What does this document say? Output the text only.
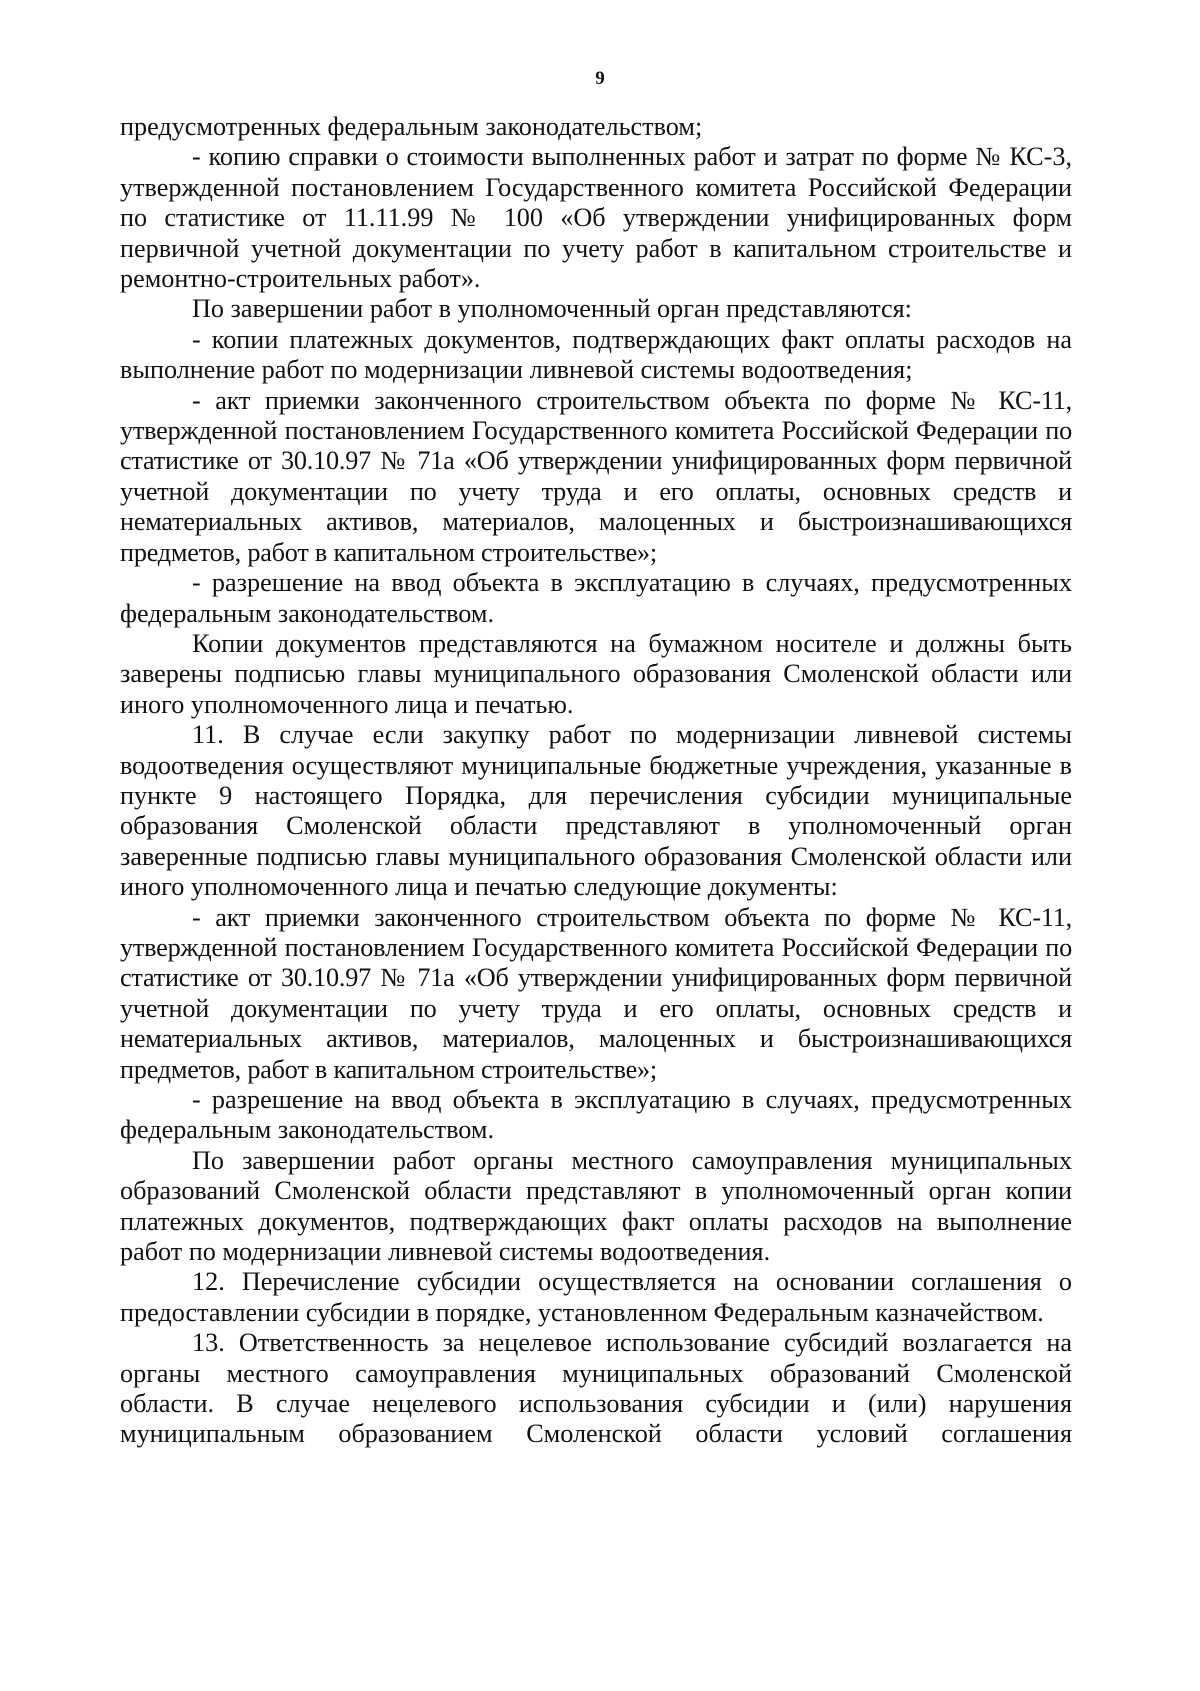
9

предусмотренных федеральным законодательством;

- копию справки о стоимости выполненных работ и затрат по форме № КС-3, утвержденной постановлением Государственного комитета Российской Федерации по статистике от 11.11.99 № 100 «Об утверждении унифицированных форм первичной учетной документации по учету работ в капитальном строительстве и ремонтно-строительных работ».

По завершении работ в уполномоченный орган представляются:

- копии платежных документов, подтверждающих факт оплаты расходов на выполнение работ по модернизации ливневой системы водоотведения;

- акт приемки законченного строительством объекта по форме № КС-11, утвержденной постановлением Государственного комитета Российской Федерации по статистике от 30.10.97 № 71а «Об утверждении унифицированных форм первичной учетной документации по учету труда и его оплаты, основных средств и нематериальных активов, материалов, малоценных и быстроизнашивающихся предметов, работ в капитальном строительстве»;

- разрешение на ввод объекта в эксплуатацию в случаях, предусмотренных федеральным законодательством.

Копии документов представляются на бумажном носителе и должны быть заверены подписью главы муниципального образования Смоленской области или иного уполномоченного лица и печатью.

11. В случае если закупку работ по модернизации ливневой системы водоотведения осуществляют муниципальные бюджетные учреждения, указанные в пункте 9 настоящего Порядка, для перечисления субсидии муниципальные образования Смоленской области представляют в уполномоченный орган заверенные подписью главы муниципального образования Смоленской области или иного уполномоченного лица и печатью следующие документы:

- акт приемки законченного строительством объекта по форме № КС-11, утвержденной постановлением Государственного комитета Российской Федерации по статистике от 30.10.97 № 71а «Об утверждении унифицированных форм первичной учетной документации по учету труда и его оплаты, основных средств и нематериальных активов, материалов, малоценных и быстроизнашивающихся предметов, работ в капитальном строительстве»;

- разрешение на ввод объекта в эксплуатацию в случаях, предусмотренных федеральным законодательством.

По завершении работ органы местного самоуправления муниципальных образований Смоленской области представляют в уполномоченный орган копии платежных документов, подтверждающих факт оплаты расходов на выполнение работ по модернизации ливневой системы водоотведения.

12. Перечисление субсидии осуществляется на основании соглашения о предоставлении субсидии в порядке, установленном Федеральным казначейством.

13. Ответственность за нецелевое использование субсидий возлагается на органы местного самоуправления муниципальных образований Смоленской области. В случае нецелевого использования субсидии и (или) нарушения муниципальным образованием Смоленской области условий соглашения
